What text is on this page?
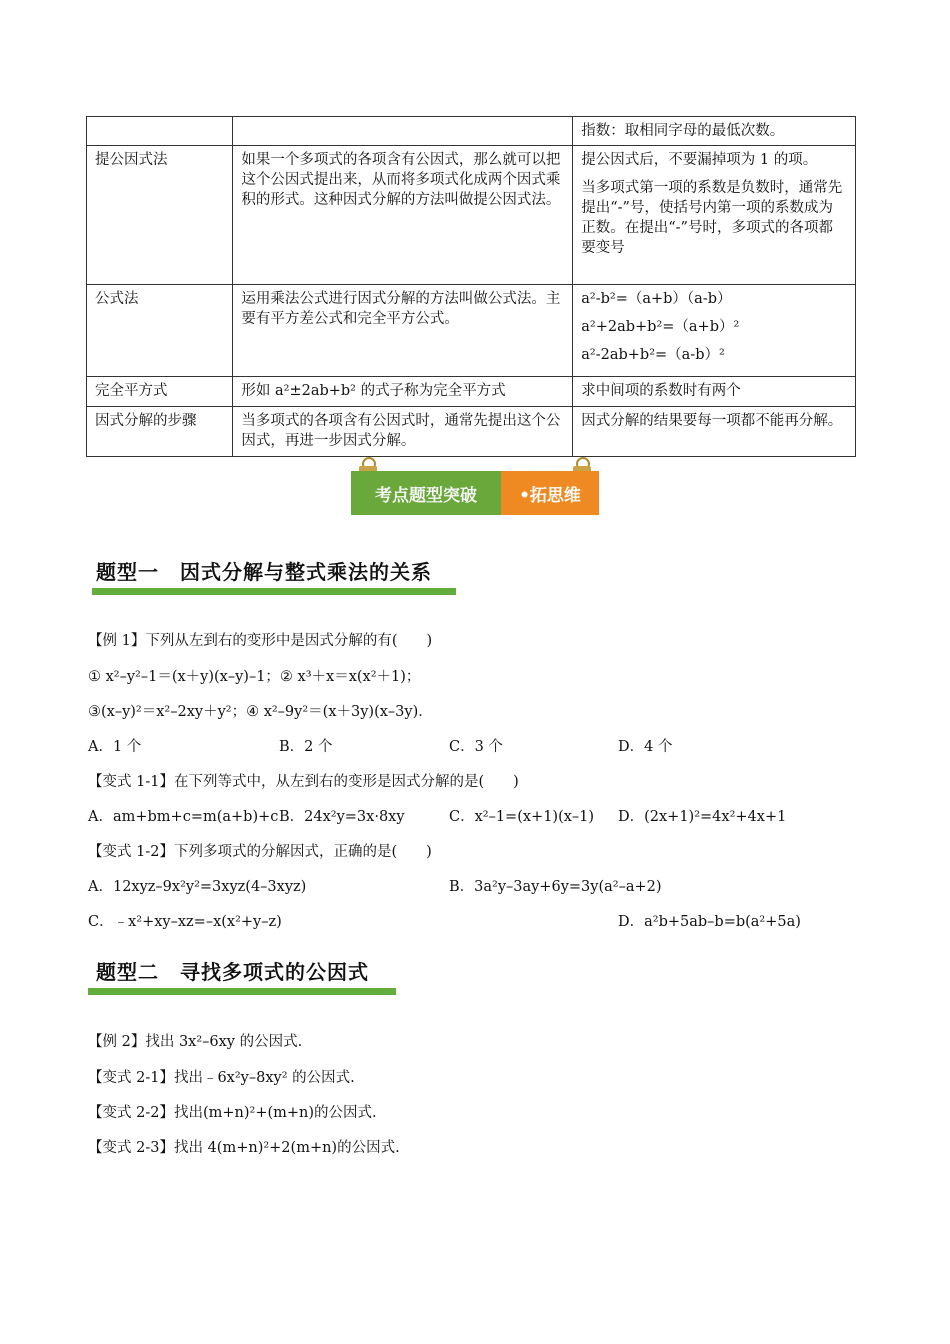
		指数：取相同字母的最低次数。
提公因式法	如果一个多项式的各项含有公因式，那么就可以把这个公因式提出来，从而将多项式化成两个因式乘积的形式。这种因式分解的方法叫做提公因式法。	提公因式后，不要漏掉项为 1 的项。
当多项式第一项的系数是负数时，通常先提出“-”号，使括号内第一项的系数成为正数。在提出“-”号时，多项式的各项都要变号

公式法	运用乘法公式进行因式分解的方法叫做公式法。主要有平方差公式和完全平方公式。	a²-b²=（a+b）（a-b）
a²+2ab+b²=（a+b）²
a²-2ab+b²=（a-b）²

完全平方式	形如 a²±2ab+b² 的式子称为完全平方式	求中间项的系数时有两个
因式分解的步骤	当多项式的各项含有公因式时，通常先提出这个公因式，再进一步因式分解。	因式分解的结果要每一项都不能再分解。
考点题型突破	•拓思维
题型一　因式分解与整式乘法的关系
【例 1】下列从左到右的变形中是因式分解的有(　　)
① x²–y²–1＝(x＋y)(x–y)–1；② x³＋x＝x(x²＋1)；
③(x–y)²＝x²–2xy＋y²；④ x²–9y²＝(x＋3y)(x–3y)．
A．1 个	B．2 个	C．3 个	D．4 个
【变式 1-1】在下列等式中，从左到右的变形是因式分解的是(　　)
A．am+bm+c=m(a+b)+c B．24x²y=3x·8xy	C．x²–1=(x+1)(x–1) D．(2x+1)²=4x²+4x+1
【变式 1-2】下列多项式的分解因式，正确的是(　　)
A．12xyz–9x²y²=3xyz(4–3xyz)	B．3a²y–3ay+6y=3y(a²–a+2)
C．﹣x²+xy–xz=–x(x²+y–z)	D．a²b+5ab–b=b(a²+5a)
题型二　寻找多项式的公因式
【例 2】找出 3x²–6xy 的公因式.
【变式 2-1】找出﹣6x²y–8xy² 的公因式.
【变式 2-2】找出(m+n)²+(m+n)的公因式.
【变式 2-3】找出 4(m+n)²+2(m+n)的公因式.
